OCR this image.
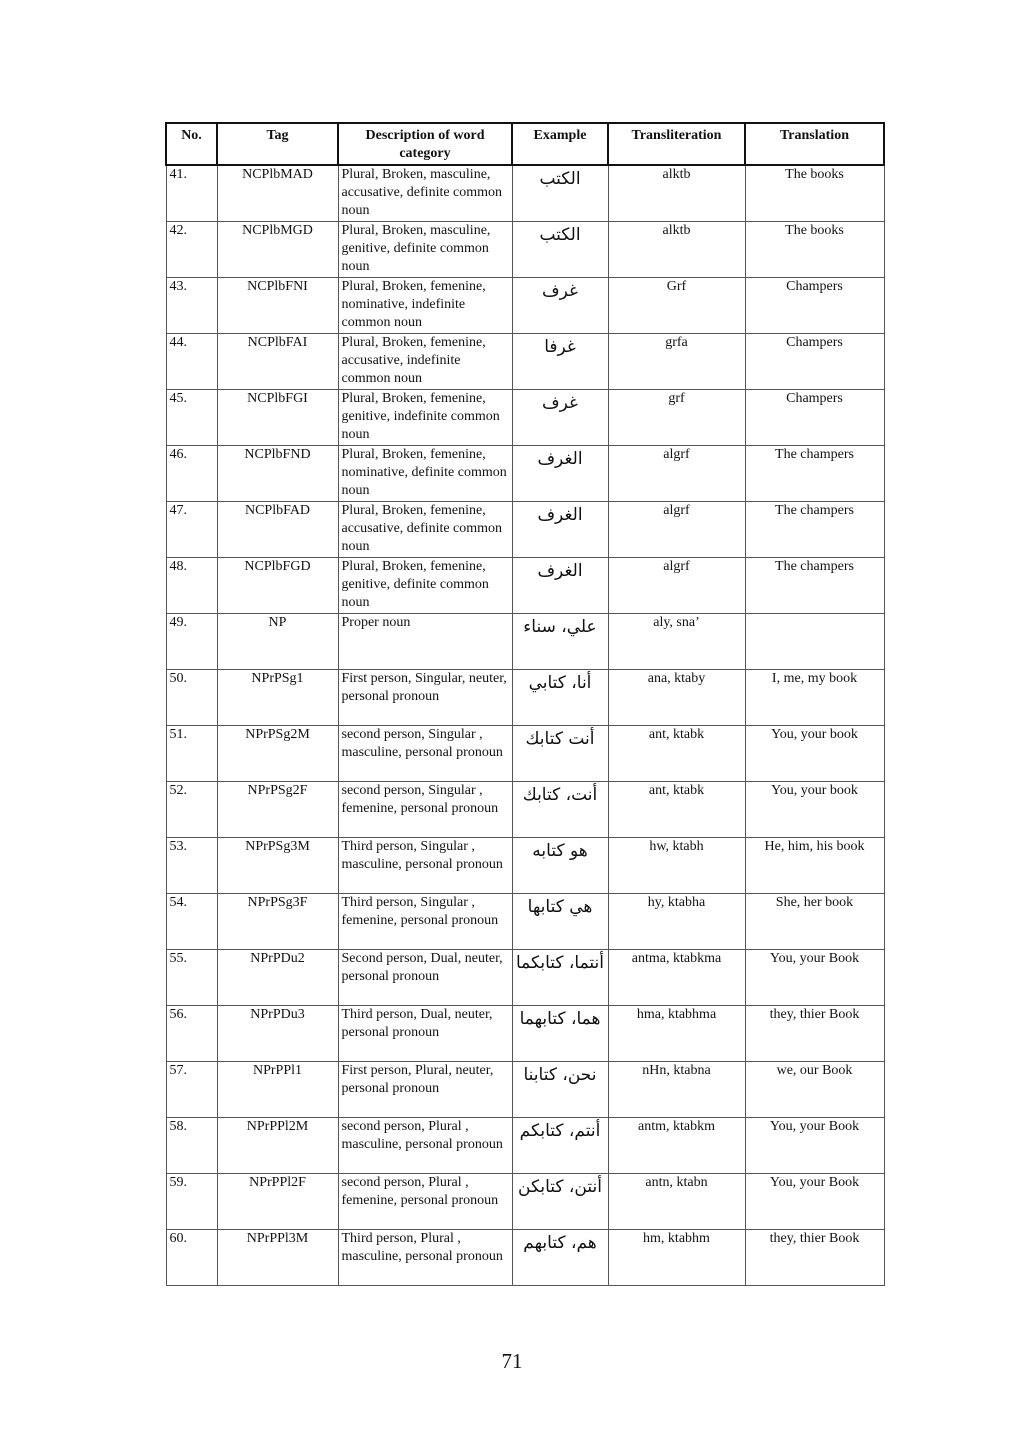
No.	Tag	Description of word category	Example	Transliteration	Translation
41.	NCPlbMAD	Plural, Broken, masculine, accusative, definite common noun	الكتب	alktb	The books
42.	NCPlbMGD	Plural, Broken, masculine, genitive, definite common noun	الكتب	alktb	The books
43.	NCPlbFNI	Plural, Broken, femenine, nominative, indefinite common noun	غرف	Grf	Champers
44.	NCPlbFAI	Plural, Broken, femenine, accusative, indefinite common noun	غرفا	grfa	Champers
45.	NCPlbFGI	Plural, Broken, femenine, genitive, indefinite common noun	غرف	grf	Champers
46.	NCPlbFND	Plural, Broken, femenine, nominative, definite common noun	الغرف	algrf	The champers
47.	NCPlbFAD	Plural, Broken, femenine, accusative, definite common noun	الغرف	algrf	The champers
48.	NCPlbFGD	Plural, Broken, femenine, genitive, definite common noun	الغرف	algrf	The champers
49.	NP	Proper noun	علي، سناء	aly, sna’	
50.	NPrPSg1	First person, Singular, neuter, personal pronoun	أنا، كتابي	ana, ktaby	I, me, my book
51.	NPrPSg2M	second person, Singular , masculine, personal pronoun	أنت كتابك	ant, ktabk	You, your book
52.	NPrPSg2F	second person, Singular , femenine, personal pronoun	أنت، كتابك	ant, ktabk	You, your book
53.	NPrPSg3M	Third person, Singular , masculine, personal pronoun	هو كتابه	hw, ktabh	He, him, his book
54.	NPrPSg3F	Third person, Singular , femenine, personal pronoun	هي كتابها	hy, ktabha	She, her book
55.	NPrPDu2	Second person, Dual, neuter, personal pronoun	أنتما، كتابكما	antma, ktabkma	You, your Book
56.	NPrPDu3	Third person, Dual, neuter, personal pronoun	هما، كتابهما	hma, ktabhma	they, thier Book
57.	NPrPPl1	First person, Plural, neuter, personal pronoun	نحن، كتابنا	nHn, ktabna	we, our Book
58.	NPrPPl2M	second person, Plural , masculine, personal pronoun	أنتم، كتابكم	antm, ktabkm	You, your Book
59.	NPrPPl2F	second person, Plural , femenine, personal pronoun	أنتن، كتابكن	antn, ktabn	You, your Book
60.	NPrPPl3M	Third person, Plural , masculine, personal pronoun	هم، كتابهم	hm, ktabhm	they, thier Book
71
